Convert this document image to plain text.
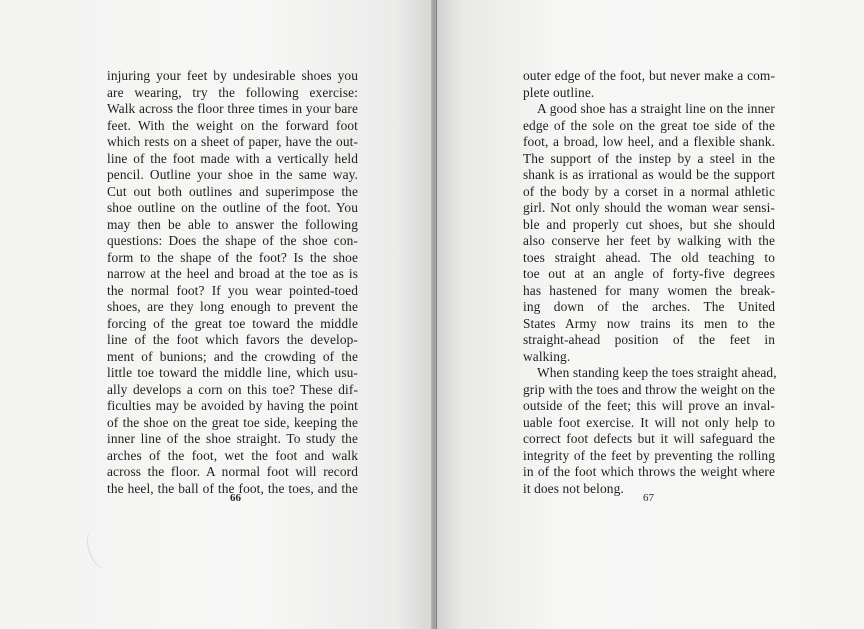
injuring your feet by undesirable shoes you
are wearing, try the following exercise:
Walk across the floor three times in your bare
feet. With the weight on the forward foot
which rests on a sheet of paper, have the out-
line of the foot made with a vertically held
pencil. Outline your shoe in the same way.
Cut out both outlines and superimpose the
shoe outline on the outline of the foot. You
may then be able to answer the following
questions: Does the shape of the shoe con-
form to the shape of the foot? Is the shoe
narrow at the heel and broad at the toe as is
the normal foot? If you wear pointed-toed
shoes, are they long enough to prevent the
forcing of the great toe toward the middle
line of the foot which favors the develop-
ment of bunions; and the crowding of the
little toe toward the middle line, which usu-
ally develops a corn on this toe? These dif-
ficulties may be avoided by having the point
of the shoe on the great toe side, keeping the
inner line of the shoe straight. To study the
arches of the foot, wet the foot and walk
across the floor. A normal foot will record
the heel, the ball of the foot, the toes, and the
66
outer edge of the foot, but never make a com-
plete outline.
A good shoe has a straight line on the inner
edge of the sole on the great toe side of the
foot, a broad, low heel, and a flexible shank.
The support of the instep by a steel in the
shank is as irrational as would be the support
of the body by a corset in a normal athletic
girl. Not only should the woman wear sensi-
ble and properly cut shoes, but she should
also conserve her feet by walking with the
toes straight ahead. The old teaching to
toe out at an angle of forty-five degrees
has hastened for many women the break-
ing down of the arches. The United
States Army now trains its men to the
straight-ahead position of the feet in
walking.
When standing keep the toes straight ahead,
grip with the toes and throw the weight on the
outside of the feet; this will prove an inval-
uable foot exercise. It will not only help to
correct foot defects but it will safeguard the
integrity of the feet by preventing the rolling
in of the foot which throws the weight where
it does not belong.
67
